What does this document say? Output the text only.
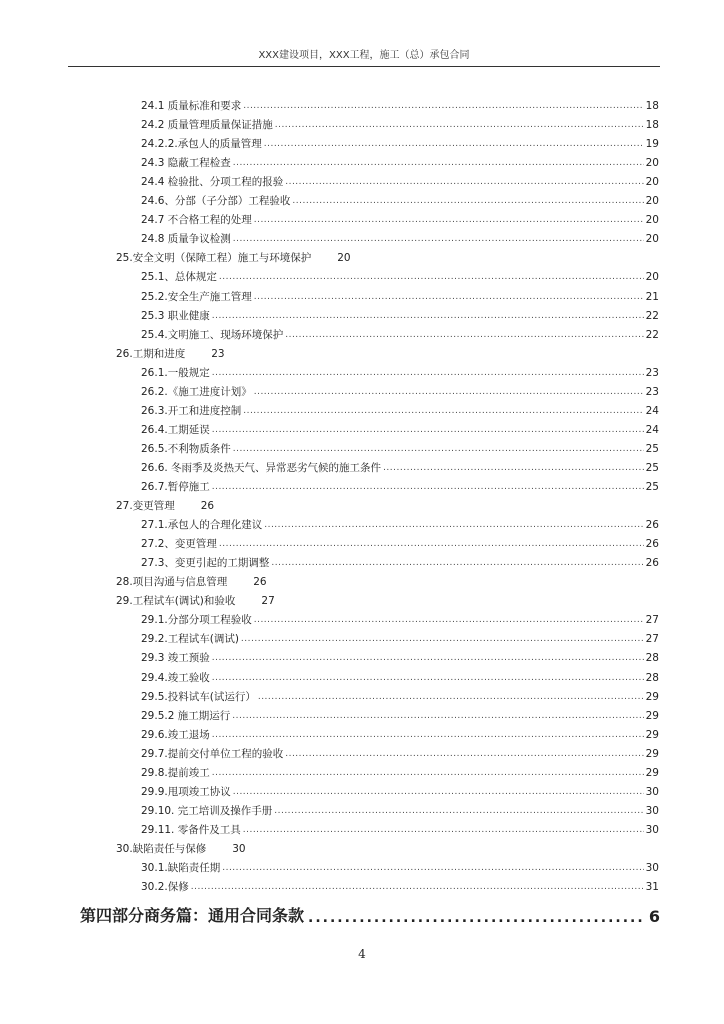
XXX建设项目，XXX工程，施工（总）承包合同
24.1 质量标准和要求 .....	18
24.2 质量管理质量保证措施 .....	18
24.2.2.承包人的质量管理 .....	19
24.3 隐蔽工程检查 .....	20
24.4 检验批、分项工程的报验 .....	20
24.6、分部（子分部）工程验收 .....	20
24.7 不合格工程的处理 .....	20
24.8 质量争议检测 .....	20
25.安全文明（保障工程）施工与环境保护 20
25.1、总体规定 .....	20
25.2.安全生产施工管理 .....	21
25.3 职业健康 .....	22
25.4.文明施工、现场环境保护 .....	22
26.工期和进度 23
26.1.一般规定 .....	23
26.2.《施工进度计划》 .....	23
26.3.开工和进度控制 .....	24
26.4.工期延误 .....	24
26.5.不利物质条件 .....	25
26.6. 冬雨季及炎热天气、异常恶劣气候的施工条件 .....	25
26.7.暂停施工 .....	25
27.变更管理 26
27.1.承包人的合理化建议 .....	26
27.2、变更管理 .....	26
27.3、变更引起的工期调整 .....	26
28.项目沟通与信息管理 26
29.工程试车(调试)和验收 27
29.1.分部分项工程验收 .....	27
29.2.工程试车(调试) .....	27
29.3 竣工预验 .....	28
29.4.竣工验收 .....	28
29.5.投料试车(试运行） .....	29
29.5.2 施工期运行 .....	29
29.6.竣工退场 .....	29
29.7.提前交付单位工程的验收 .....	29
29.8.提前竣工 .....	29
29.9.甩项竣工协议 .....	30
29.10. 完工培训及操作手册 .....	30
29.11. 零备件及工具 .....	30
30.缺陷责任与保修 30
30.1.缺陷责任期 .....	30
30.2.保修 .....	31
第四部分商务篇：通用合同条款 .....	6
4
